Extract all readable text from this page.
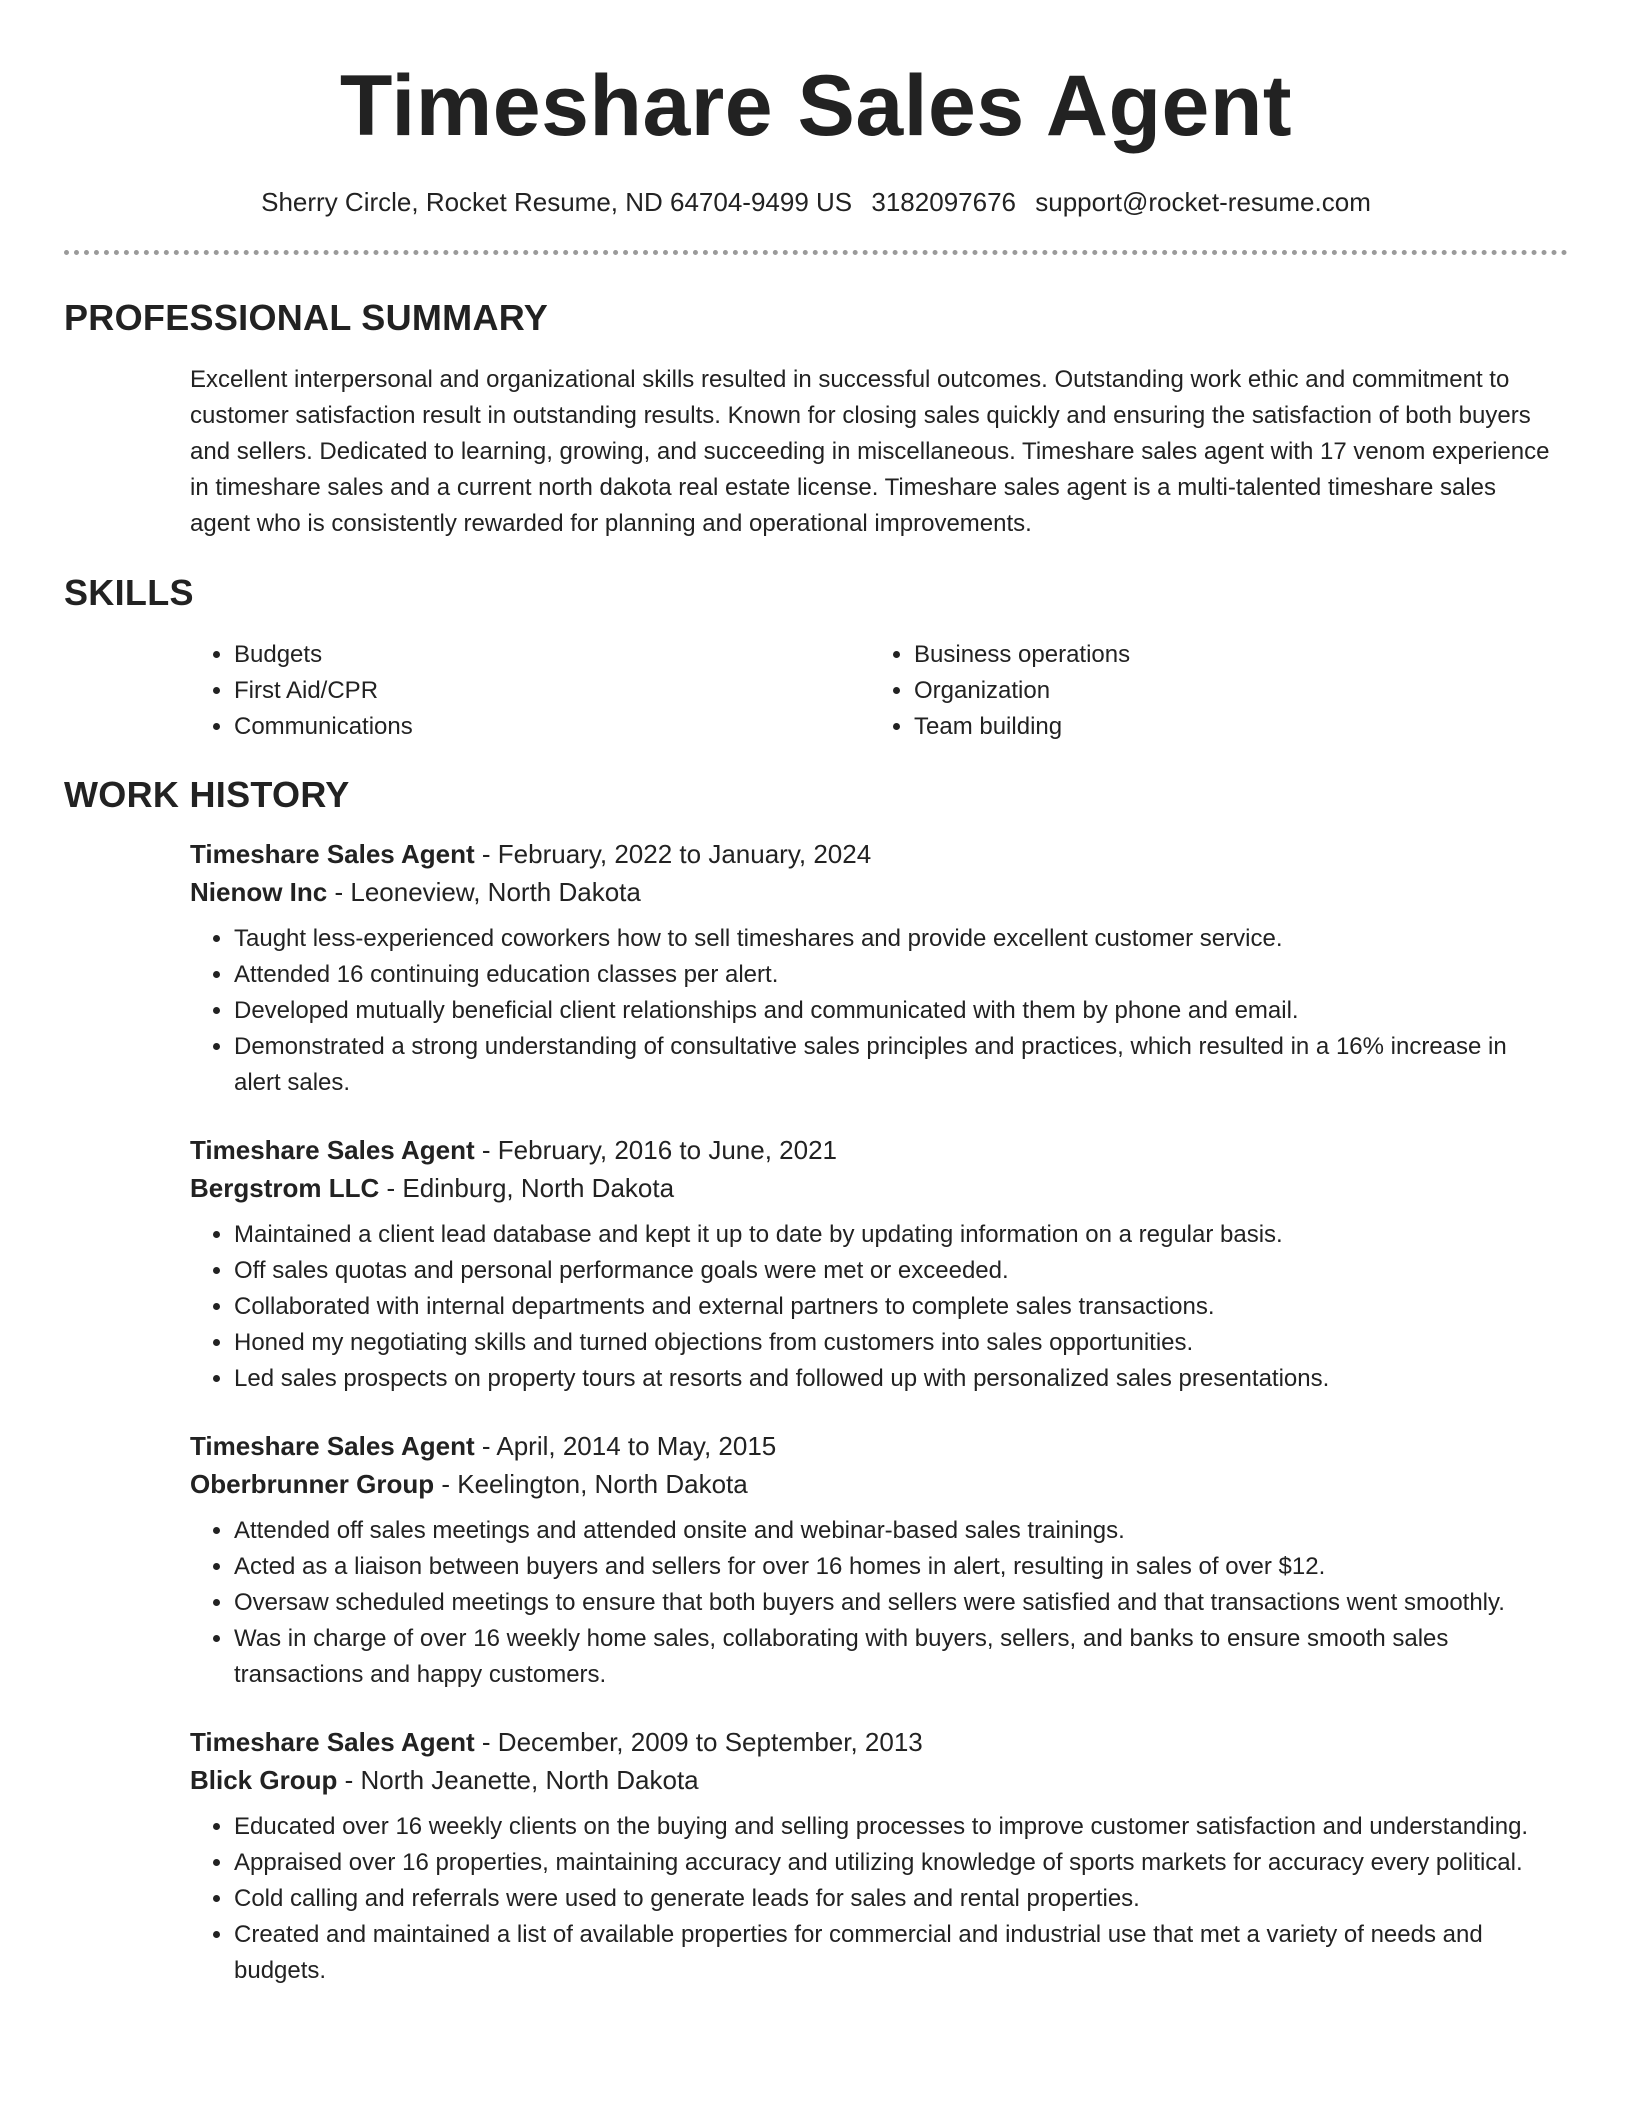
Timeshare Sales Agent
Sherry Circle, Rocket Resume, ND 64704-9499 US 3182097676 support@rocket-resume.com
PROFESSIONAL SUMMARY

Excellent interpersonal and organizational skills resulted in successful outcomes. Outstanding work ethic and commitment to customer satisfaction result in outstanding results. Known for closing sales quickly and ensuring the satisfaction of both buyers and sellers. Dedicated to learning, growing, and succeeding in miscellaneous. Timeshare sales agent with 17 venom experience in timeshare sales and a current north dakota real estate license. Timeshare sales agent is a multi-talented timeshare sales agent who is consistently rewarded for planning and operational improvements.

SKILLS
• Budgets
• First Aid/CPR
• Communications
• Business operations
• Organization
• Team building
WORK HISTORY

Timeshare Sales Agent - February, 2022 to January, 2024

Nienow Inc - Leoneview, North Dakota

• Taught less-experienced coworkers how to sell timeshares and provide excellent customer service.
• Attended 16 continuing education classes per alert.
• Developed mutually beneficial client relationships and communicated with them by phone and email.
• Demonstrated a strong understanding of consultative sales principles and practices, which resulted in a 16% increase in alert sales.

Timeshare Sales Agent - February, 2016 to June, 2021

Bergstrom LLC - Edinburg, North Dakota

• Maintained a client lead database and kept it up to date by updating information on a regular basis.
• Off sales quotas and personal performance goals were met or exceeded.
• Collaborated with internal departments and external partners to complete sales transactions.
• Honed my negotiating skills and turned objections from customers into sales opportunities.
• Led sales prospects on property tours at resorts and followed up with personalized sales presentations.

Timeshare Sales Agent - April, 2014 to May, 2015

Oberbrunner Group - Keelington, North Dakota

• Attended off sales meetings and attended onsite and webinar-based sales trainings.
• Acted as a liaison between buyers and sellers for over 16 homes in alert, resulting in sales of over $12.
• Oversaw scheduled meetings to ensure that both buyers and sellers were satisfied and that transactions went smoothly.
• Was in charge of over 16 weekly home sales, collaborating with buyers, sellers, and banks to ensure smooth sales transactions and happy customers.

Timeshare Sales Agent - December, 2009 to September, 2013

Blick Group - North Jeanette, North Dakota

• Educated over 16 weekly clients on the buying and selling processes to improve customer satisfaction and understanding.
• Appraised over 16 properties, maintaining accuracy and utilizing knowledge of sports markets for accuracy every political.
• Cold calling and referrals were used to generate leads for sales and rental properties.
• Created and maintained a list of available properties for commercial and industrial use that met a variety of needs and budgets.
